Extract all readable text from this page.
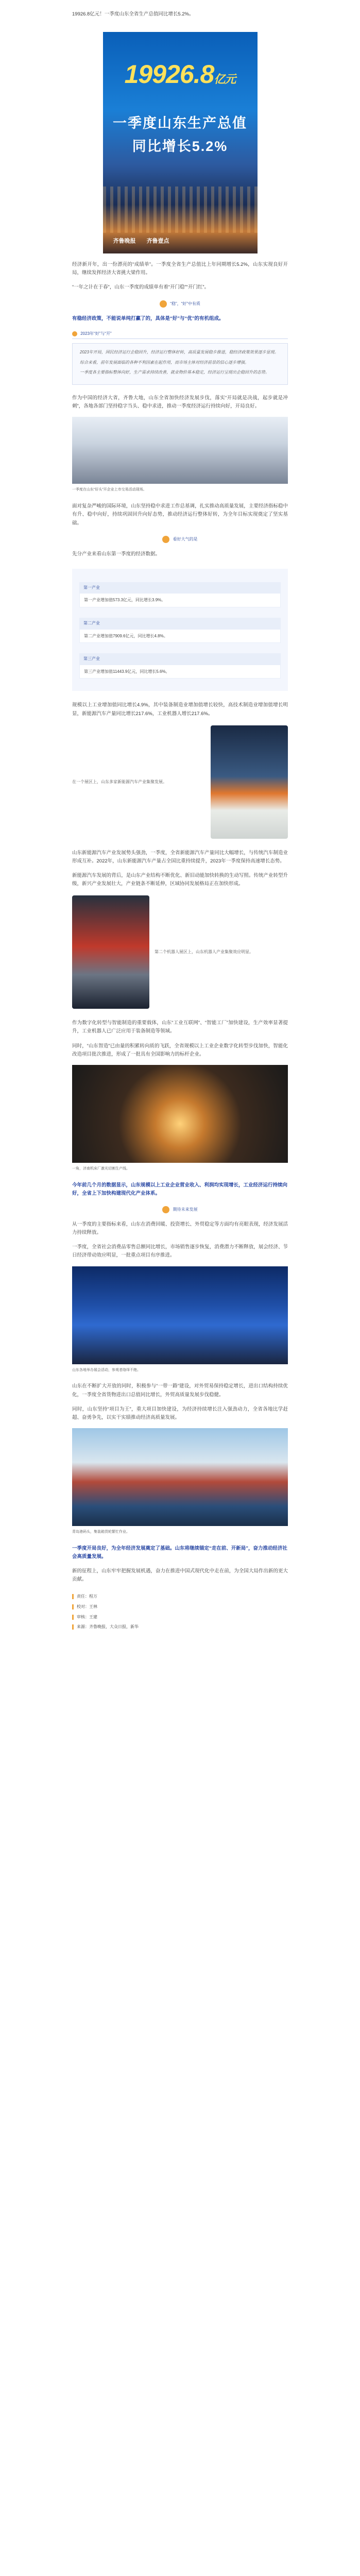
19926.8亿元！一季度山东全省生产总值同比增长5.2%。

19926.8亿元
一季度山东生产总值
同比增长5.2%
齐鲁晚报 齐鲁壹点

经济新开年，出一份漂亮的“成绩单”。一季度全省生产总值比上年同期增长5.2%，山东实现良好开局，继续发挥经济大省挑大梁作用。

“一年之计在于春”，山东一季度的成绩单有着“开门稳”“开门红”。

“稳”，“好”中有质

有稳经济政策，不能说单纯打赢了的，具体是“好”与“优”的有机组成。

2023年“好”与“开”

2023年开局，国民经济运行企稳回升，经济运行整体好转，高质量发展稳步推进，稳经济政策效果逐步显现。

综合来看，前年发展面临的各种不利因素在起作用，而市场主体对经济前景的信心逐步增强。

一季度各主要指标整体向好，生产需求持续改善，就业物价基本稳定，经济运行呈现出企稳回升的态势。

作为中国的经济大省，齐鲁大地，山东全省加快经济发展步伐，落实“开局就是决战，起步就是冲刺”，各地各部门坚持稳字当头、稳中求进，推动一季度经济运行持续向好，开局良好。

一季度在山东“好头”开企业上市交易活动现场。

面对复杂严峻的国际环境，山东坚持稳中求进工作总基调，扎实推动高质量发展，主要经济指标稳中有升、稳中向好，持续巩固回升向好态势，推动经济运行整体好转，为全年目标实现奠定了坚实基础。

看好大气的是

先分产业来看山东第一季度的经济数据。

第一产业
第一产业增加值573.3亿元，同比增长3.9%。
第二产业
第二产业增加值7909.6亿元，同比增长4.8%。
第三产业
第三产业增加值11443.9亿元，同比增长5.6%。

规模以上工业增加值同比增长4.9%，其中装备制造业增加值增长较快，高技术制造业增加值增长明显，新能源汽车产量同比增长217.6%，工业机器人增长217.6%。

在一个展区上，山东多家新能源汽车产业集聚发展。

山东新能源汽车产业发展势头强劲，一季度，全省新能源汽车产量同比大幅增长，与传统汽车制造业形成互补。2022年，山东新能源汽车产量占全国比重持续提升，2023年一季度保持高速增长态势。

新能源汽车发展的背后，是山东产业结构不断优化、新旧动能加快转换的生动写照。传统产业转型升级，新兴产业发展壮大，产业链条不断延伸，区域协同发展格局正在加快形成。

第二个机器人展区上，山东机器人产业集聚效应明显。

作为数字化转型与智能制造的重要载体，山东“工业互联网”、“智能工厂”加快建设，生产效率显著提升，工业机器人已广泛应用于装备制造等领域。

同时，“山东智造”已由量的积累转向质的飞跃，全省规模以上工业企业数字化转型步伐加快，智能化改造项目批次推进，形成了一批具有全国影响力的标杆企业。

一角，济南机床厂激光切割生产线。

今年前几个月的数据显示，山东规模以上工业企业营业收入、利润均实现增长，工业经济运行持续向好，全省上下加快构建现代化产业体系。

期待未来发展

从一季度的主要指标来看，山东在消费回暖、投资增长、外贸稳定等方面均有亮眼表现，经济发展活力持续释放。

一季度，全省社会消费品零售总额同比增长，市场销售逐步恢复，消费潜力不断释放，展会经济、节日经济带动效应明显，一批重点项目有序推进。

山东各地举办展会活动，参观者络绎不绝。

山东在不断扩大开放的同时，积极参与“一带一路”建设，对外贸易保持稳定增长，进出口结构持续优化，一季度全省货物进出口总值同比增长，外贸高质量发展步伐稳健。

同时，山东坚持“项目为王”，重大项目加快建设，为经济持续增长注入强劲动力，全省各地比学赶超、奋勇争先，以实干实绩推动经济高质量发展。

青岛港码头，集装箱货轮繁忙作业。

一季度开局良好，为全年经济发展奠定了基础。山东将继续锚定“走在前、开新局”，奋力推动经济社会高质量发展。

新的征程上，山东牢牢把握发展机遇，奋力在推进中国式现代化中走在前，为全国大局作出新的更大贡献。

责任：程万

校对：王林

审核：王建

来源：齐鲁晚报，大众日报，新华
